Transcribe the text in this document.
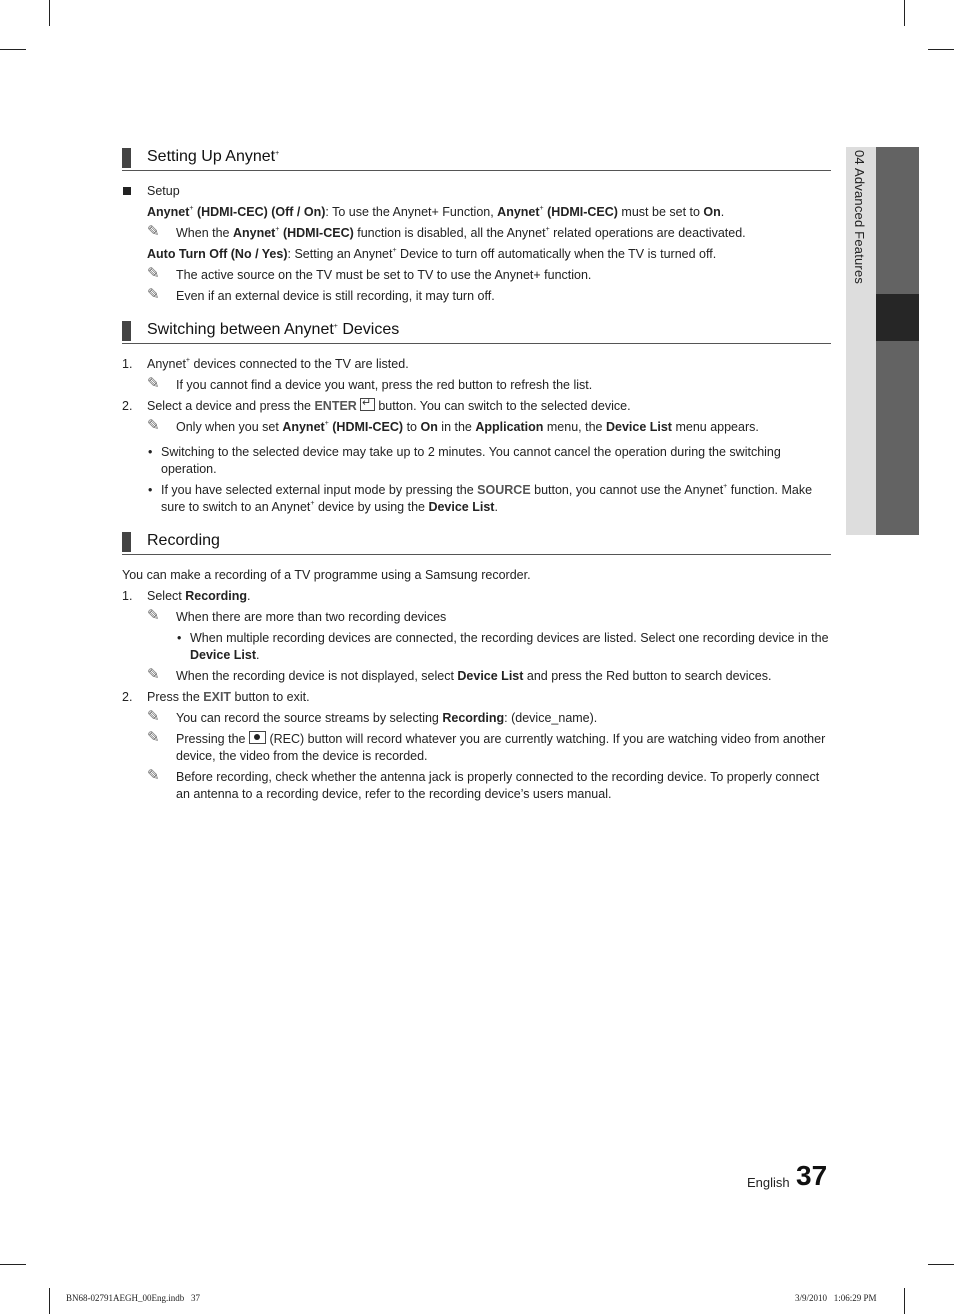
04 Advanced Features
Setting Up Anynet+
Setup
Anynet+ (HDMI-CEC) (Off / On): To use the Anynet+ Function, Anynet+ (HDMI-CEC) must be set to On.
✎ When the Anynet+ (HDMI-CEC) function is disabled, all the Anynet+ related operations are deactivated.
Auto Turn Off (No / Yes): Setting an Anynet+ Device to turn off automatically when the TV is turned off.
✎ The active source on the TV must be set to TV to use the Anynet+ function.
✎ Even if an external device is still recording, it may turn off.
Switching between Anynet+ Devices
1. Anynet+ devices connected to the TV are listed.
✎ If you cannot find a device you want, press the red button to refresh the list.
2. Select a device and press the ENTER↵ button. You can switch to the selected device.
✎ Only when you set Anynet+ (HDMI-CEC) to On in the Application menu, the Device List menu appears.
• Switching to the selected device may take up to 2 minutes. You cannot cancel the operation during the switching operation.
• If you have selected external input mode by pressing the SOURCE button, you cannot use the Anynet+ function. Make sure to switch to an Anynet+ device by using the Device List.
Recording
You can make a recording of a TV programme using a Samsung recorder.
1. Select Recording.
✎ When there are more than two recording devices
• When multiple recording devices are connected, the recording devices are listed. Select one recording device in the Device List.
✎ When the recording device is not displayed, select Device List and press the Red button to search devices.
2. Press the EXIT button to exit.
✎ You can record the source streams by selecting Recording: (device_name).
✎ Pressing the  (REC) button will record whatever you are currently watching. If you are watching video from another device, the video from the device is recorded.
✎ Before recording, check whether the antenna jack is properly connected to the recording device. To properly connect an antenna to a recording device, refer to the recording device’s users manual.
English 37
BN68-02791AEGH_00Eng.indb   37	3/9/2010   1:06:29 PM
